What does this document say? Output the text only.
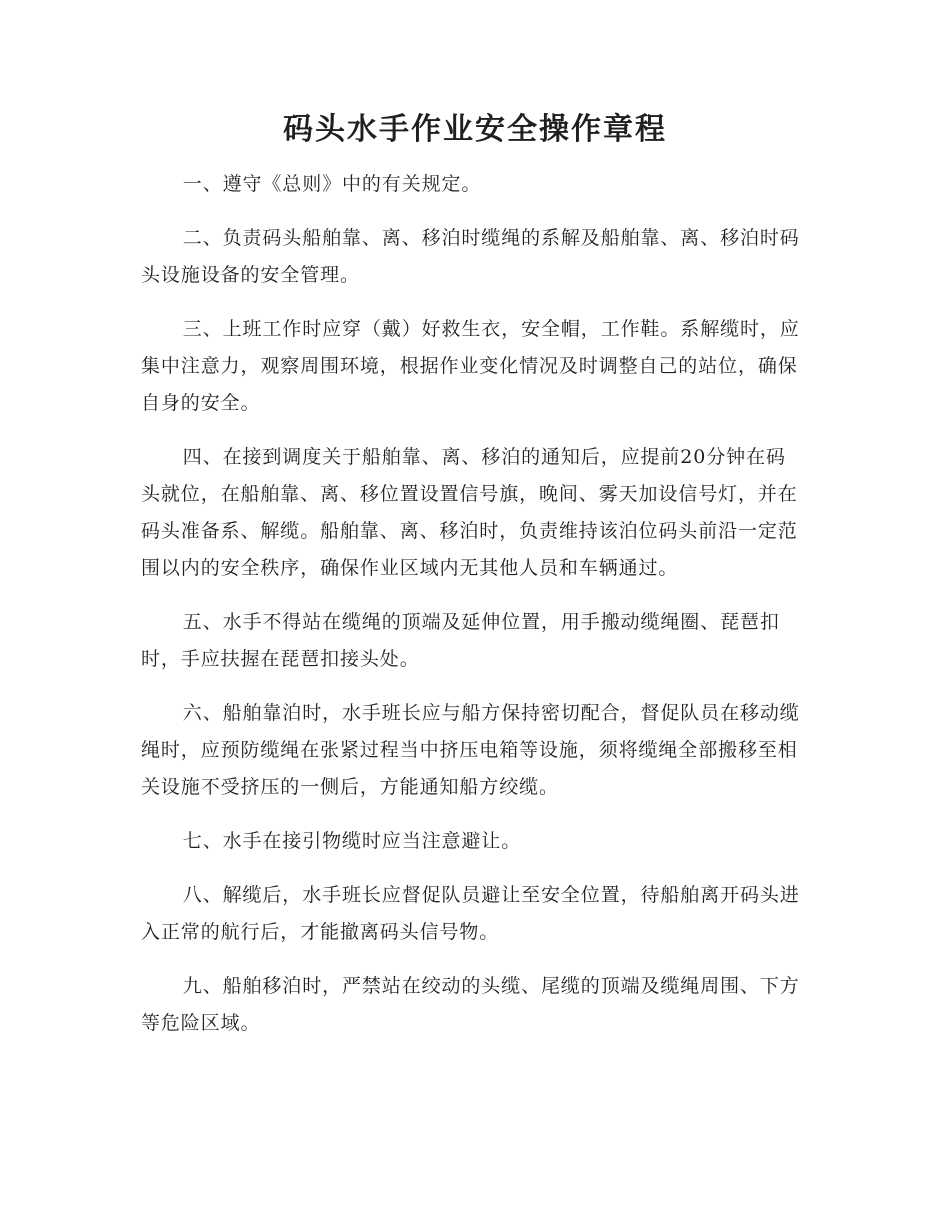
码头水手作业安全操作章程

一、遵守《总则》中的有关规定。

二、负责码头船舶靠、离、移泊时缆绳的系解及船舶靠、离、移泊时码头设施设备的安全管理。

三、上班工作时应穿（戴）好救生衣，安全帽，工作鞋。系解缆时，应集中注意力，观察周围环境，根据作业变化情况及时调整自己的站位，确保自身的安全。

四、在接到调度关于船舶靠、离、移泊的通知后，应提前20分钟在码头就位，在船舶靠、离、移位置设置信号旗，晚间、雾天加设信号灯，并在码头准备系、解缆。船舶靠、离、移泊时，负责维持该泊位码头前沿一定范围以内的安全秩序，确保作业区域内无其他人员和车辆通过。

五、水手不得站在缆绳的顶端及延伸位置，用手搬动缆绳圈、琵琶扣时，手应扶握在琵琶扣接头处。

六、船舶靠泊时，水手班长应与船方保持密切配合，督促队员在移动缆绳时，应预防缆绳在张紧过程当中挤压电箱等设施，须将缆绳全部搬移至相关设施不受挤压的一侧后，方能通知船方绞缆。

七、水手在接引物缆时应当注意避让。

八、解缆后，水手班长应督促队员避让至安全位置，待船舶离开码头进入正常的航行后，才能撤离码头信号物。

九、船舶移泊时，严禁站在绞动的头缆、尾缆的顶端及缆绳周围、下方等危险区域。
